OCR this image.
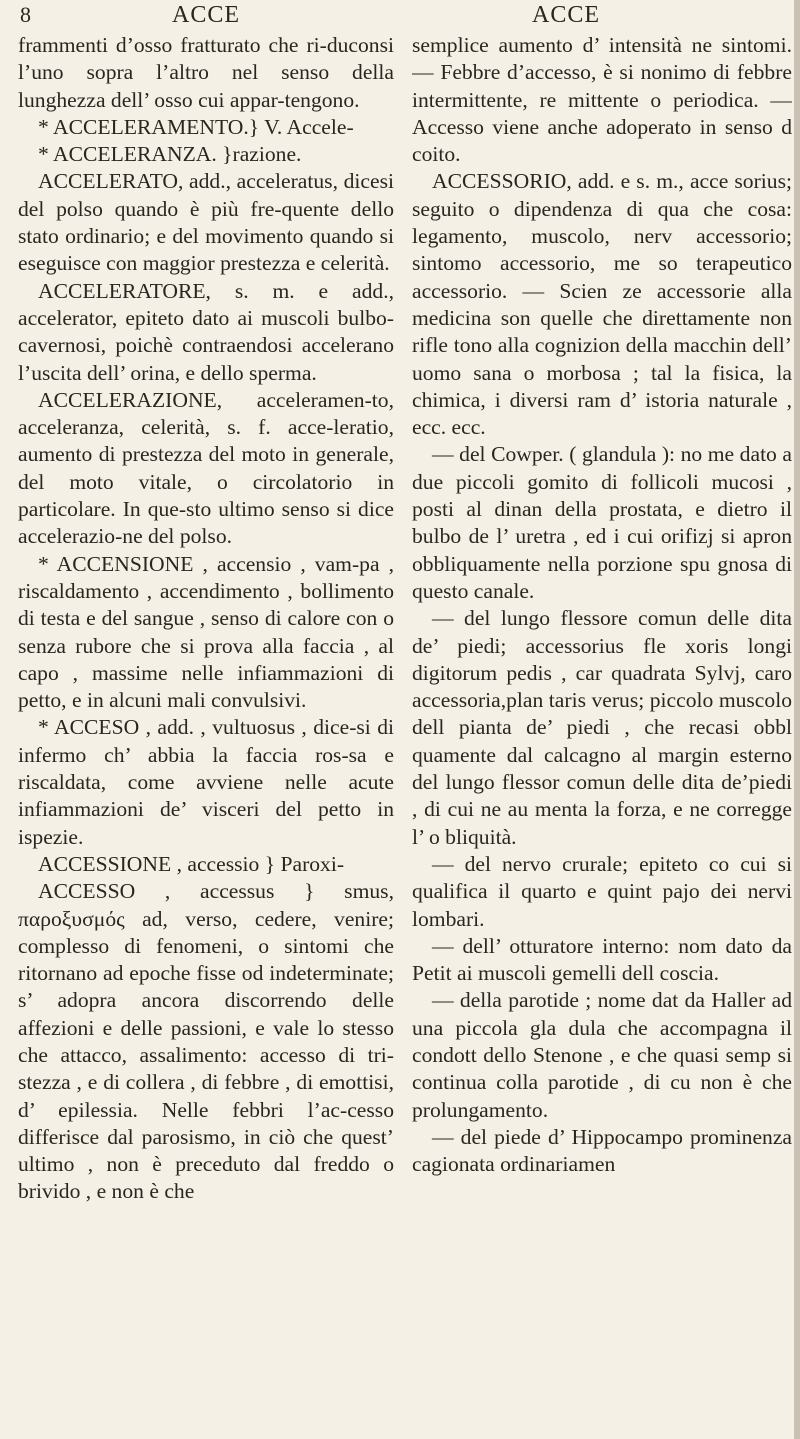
8	ACCE

frammenti d’osso fratturato che ri-duconsi l’uno sopra l’altro nel senso della lunghezza dell’ osso cui appar-tengono.

* ACCELERAMENTO.} V. Accele-

* ACCELERANZA. }razione.

ACCELERATO, add., acceleratus, dicesi del polso quando è più fre-quente dello stato ordinario; e del movimento quando si eseguisce con maggior prestezza e celerità.

ACCELERATORE, s. m. e add., accelerator, epiteto dato ai muscoli bulbo-cavernosi, poichè contraendosi accelerano l’uscita dell’ orina, e dello sperma.

ACCELERAZIONE, acceleramen-to, acceleranza, celerità, s. f. acce-leratio, aumento di prestezza del moto in generale, del moto vitale, o circolatorio in particolare. In que-sto ultimo senso si dice accelerazio-ne del polso.

* ACCENSIONE , accensio , vam-pa , riscaldamento , accendimento , bollimento di testa e del sangue , senso di calore con o senza rubore che si prova alla faccia , al capo , massime nelle infiammazioni di petto, e in alcuni mali convulsivi.

* ACCESO , add. , vultuosus , dice-si di infermo ch’ abbia la faccia ros-sa e riscaldata, come avviene nelle acute infiammazioni de’ visceri del petto in ispezie.

ACCESSIONE , accessio } Paroxi-

ACCESSO , accessus } smus, παροξυσμός ad, verso, cedere, venire; complesso di fenomeni, o sintomi che ritornano ad epoche fisse od indeterminate; s’ adopra ancora discorrendo delle affezioni e delle passioni, e vale lo stesso che attacco, assalimento: accesso di tri-stezza , e di collera , di febbre , di emottisi, d’ epilessia. Nelle febbri l’ac-cesso differisce dal parosismo, in ciò che quest’ ultimo , non è preceduto dal freddo o brivido , e non è che

ACCE

semplice aumento d’ intensità ne sintomi. — Febbre d’accesso, è si nonimo di febbre intermittente, re mittente o periodica. — Accesso viene anche adoperato in senso d coito.

ACCESSORIO, add. e s. m., acce sorius; seguito o dipendenza di qua che cosa: legamento, muscolo, nerv accessorio; sintomo accessorio, me so terapeutico accessorio. — Scien ze accessorie alla medicina son quelle che direttamente non rifle tono alla cognizion della macchin dell’ uomo sana o morbosa ; tal la fisica, la chimica, i diversi ram d’ istoria naturale , ecc. ecc.

— del Cowper. ( glandula ): no me dato a due piccoli gomito di follicoli mucosi , posti al dinan della prostata, e dietro il bulbo de l’ uretra , ed i cui orifizj si apron obbliquamente nella porzione spu gnosa di questo canale.

— del lungo flessore comun delle dita de’ piedi; accessorius fle xoris longi digitorum pedis , car quadrata Sylvj, caro accessoria,plan taris verus; piccolo muscolo dell pianta de’ piedi , che recasi obbl quamente dal calcagno al margin esterno del lungo flessor comun delle dita de’piedi , di cui ne au menta la forza, e ne corregge l’ o bliquità.

— del nervo crurale; epiteto co cui si qualifica il quarto e quint pajo dei nervi lombari.

— dell’ otturatore interno: nom dato da Petit ai muscoli gemelli dell coscia.

— della parotide ; nome dat da Haller ad una piccola gla dula che accompagna il condott dello Stenone , e che quasi semp si continua colla parotide , di cu non è che prolungamento.

— del piede d’ Hippocampo prominenza cagionata ordinariamen
